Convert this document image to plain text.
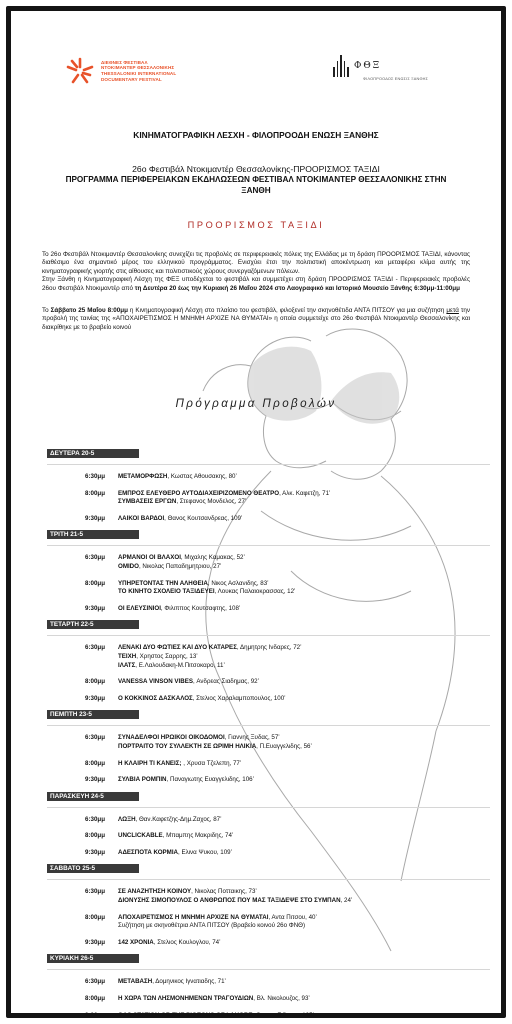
ΔΙΕΘΝΕΣ ΦΕΣΤΙΒΑΛ
ΝΤΟΚΙΜΑΝΤΕΡ ΘΕΣΣΑΛΟΝΙΚΗΣ
THESSALONIKI INTERNATIONAL
DOCUMENTARY FESTIVAL
ΦΘΞ
ΦΙΛΟΠΡΟΟΔΟΣ ΕΝΩΣΙΣ ΞΑΝΘΗΣ
ΚΙΝΗΜΑΤΟΓΡΑΦΙΚΗ ΛΕΣΧΗ - ΦΙΛΟΠΡΟΟΔΗ ΕΝΩΣΗ ΞΑΝΘΗΣ
26ο Φεστιβάλ Ντοκιμαντέρ Θεσσαλονίκης-ΠΡΟΟΡΙΣΜΟΣ ΤΑΞΙΔΙ
ΠΡΟΓΡΑΜΜΑ ΠΕΡΙΦΕΡΕΙΑΚΩΝ ΕΚΔΗΛΩΣΕΩΝ ΦΕΣΤΙΒΑΛ ΝΤΟΚΙΜΑΝΤΕΡ ΘΕΣΣΑΛΟΝΙΚΗΣ ΣΤΗΝ ΞΑΝΘΗ
ΠΡΟΟΡΙΣΜΟΣ ΤΑΞΙΔΙ
Το 26ο Φεστιβάλ Ντοκιμαντέρ Θεσσαλονίκης συνεχίζει τις προβολές σε περιφερειακές πόλεις της Ελλάδας με τη δράση ΠΡΟΟΡΙΣΜΟΣ ΤΑΞΙΔΙ, κάνοντας διαθέσιμο ένα σημαντικό μέρος του ελληνικού προγράμματος. Ενισχύει έτσι την πολιτιστική αποκέντρωση και μεταφέρει κλίμα αυτής της κινηματογραφικής γιορτής στις αίθουσες και πολιτιστικούς χώρους συνεργαζόμενων πόλεων.
Στην Ξάνθη η Κινηματογραφική Λέσχη της ΦΕΞ υποδέχεται το φεστιβάλ και συμμετέχει στη δράση ΠΡΟΟΡΙΣΜΟΣ ΤΑΞΙΔΙ - Περιφερειακές προβολές 26ου Φεστιβάλ Ντοκιμαντέρ από τη Δευτέρα 20 έως την Κυριακή 26 Μαΐου 2024 στο Λαογραφικό και Ιστορικό Μουσείο Ξάνθης 6:30μμ-11:00μμ
Το Σάββατο 25 Μαΐου 8:00μμ η Κινηματογραφική Λέσχη στο πλαίσιο του φεστιβάλ, φιλοξενεί την σκηνοθέτιδα ΑΝΤΑ ΠΙΤΣΟΥ για μια συζήτηση μετά την προβολή της ταινίας της «ΑΠΟΧΑΙΡΕΤΙΣΜΟΣ Η ΜΝΗΜΗ ΑΡΧΙΖΕ ΝΑ ΘΥΜΑΤΑΙ» η οποία συμμετείχε στο 26ο Φεστιβάλ Ντοκιμαντέρ Θεσσαλονίκης και διακρίθηκε με το βραβείο κοινού
Πρόγραμμα Προβολών
ΔΕΥΤΕΡΑ 20-5
6:30μμ ΜΕΤΑΜΟΡΦΩΣΗ, Κωστας Αθουσακης, 80’
8:00μμ ΕΜΠΡΟΣ ΕΛΕΥΘΕΡΟ ΑΥΤΟΔΙΑΧΕΙΡΙΖΟΜΕΝΟ ΘΕΑΤΡΟ, Αλκ. Καφετζη, 71’
ΣΥΜΒΑΣΕΙΣ ΕΡΓΩΝ, Στεφανος Μονδελος, 27’
9:30μμ ΛΑΙΚΟΙ ΒΑΡΔΟΙ, Θανος Κουτσανδρεας, 109’
ΤΡΙΤΗ 21-5
6:30μμ ΑΡΜΑΝΟΙ ΟΙ ΒΛΑΧΟΙ, Μιχαλης Καμακας, 52’
OMIDO, Νικολας Παπαδημητριου, 27’
8:00μμ ΥΠΗΡΕΤΟΝΤΑΣ ΤΗΝ ΑΛΗΘΕΙΑ, Νικος Ασλανιδης, 83’
ΤΟ ΚΙΝΗΤΟ ΣΧΟΛΕΙΟ ΤΑΞΙΔΕΥΕΙ, Λουκας Παλαιοκρασσας, 12’
9:30μμ ΟΙ ΕΛΕΥΣΙΝΙΟΙ, Φιλιππος Κουτσαφτης, 108’
ΤΕΤΑΡΤΗ 22-5
6:30μμ ΛΕΝΑΚΙ ΔΥΟ ΦΩΤΙΕΣ ΚΑΙ ΔΥΟ ΚΑΤΑΡΕΣ, Δημητρης Ινδαρες, 72’
ΤΕΙΧΗ, Χρηστος Σαρρης, 13’
ΙΛΑΤΣ, Ε.Λαλουδακη-Μ.Πιτσοκαρο, 11’
8:00μμ VANESSA VINSON VIBES, Ανδρεας Σιαδημας, 92’
9:30μμ Ο ΚΟΚΚΙΝΟΣ ΔΑΣΚΑΛΟΣ, Στελιος Χαραλαμποπουλος, 100’
ΠΕΜΠΤΗ 23-5
6:30μμ ΣΥΝΑΔΕΛΦΟΙ ΗΡΩΙΚΟΙ ΟΙΚΟΔΟΜΟΙ, Γιαννης Ξυδας, 57’
ΠΟΡΤΡΑΙΤΟ ΤΟΥ ΣΥΛΛΕΚΤΗ ΣΕ ΩΡΙΜΗ ΗΛΙΚΙΑ, Π.Ευαγγελιδης, 56’
8:00μμ Η ΚΛΑΙΡΗ ΤΙ ΚΑΝΕΙΣ; , Χρυσα Τζελεπη, 77’
9:30μμ ΣΥΛΒΙΑ ΡΟΜΠΙΝ, Παναγιωτης Ευαγγελιδης, 106’
ΠΑΡΑΣΚΕΥΗ 24-5
6:30μμ ΛΩΞΗ, Θαν.Καφετζης-Δημ.Ζαχος, 87’
8:00μμ UNCLICKABLE, Μπαμπης Μακριδης, 74’
9:30μμ ΑΔΕΣΠΟΤΑ ΚΟΡΜΙΑ, Ελινα Ψυκου, 109’
ΣΑΒΒΑΤΟ 25-5
6:30μμ ΣΕ ΑΝΑΖΗΤΗΣΗ ΚΟΙΝΟΥ, Νικολας Ποτταικης, 73’
ΔΙΟΝΥΣΗΣ ΣΙΜΟΠΟΥΛΟΣ Ο ΑΝΘΡΩΠΟΣ ΠΟΥ ΜΑΣ ΤΑΞΙΔΕΨΕ ΣΤΟ ΣΥΜΠΑΝ, 24’
8:00μμ ΑΠΟΧΑΙΡΕΤΙΣΜΟΣ Η ΜΝΗΜΗ ΑΡΧΙΖΕ ΝΑ ΘΥΜΑΤΑΙ, Αντα Πιτσου, 40’
Συζήτηση με σκηνοθέτρια ΑΝΤΑ ΠΙΤΣΟΥ (Βραβείο κοινού 26ο ΦΝΘ)
9:30μμ 142 ΧΡΟΝΙΑ, Στελιος Κουλογλου, 74’
ΚΥΡΙΑΚΗ 26-5
6:30μμ ΜΕΤΑΒΑΣΗ, Δομηνικος Ιγνατιαδης, 71’
8:00μμ Η ΧΩΡΑ ΤΩΝ ΛΗΣΜΟΝΗΜΕΝΩΝ ΤΡΑΓΟΥΔΙΩΝ, Βλ. Νικολουζος, 93’
9:30μμ GAS STATION OR THE PIGEONS OF LAHORE, Θωμας Σιδερης, 105’
